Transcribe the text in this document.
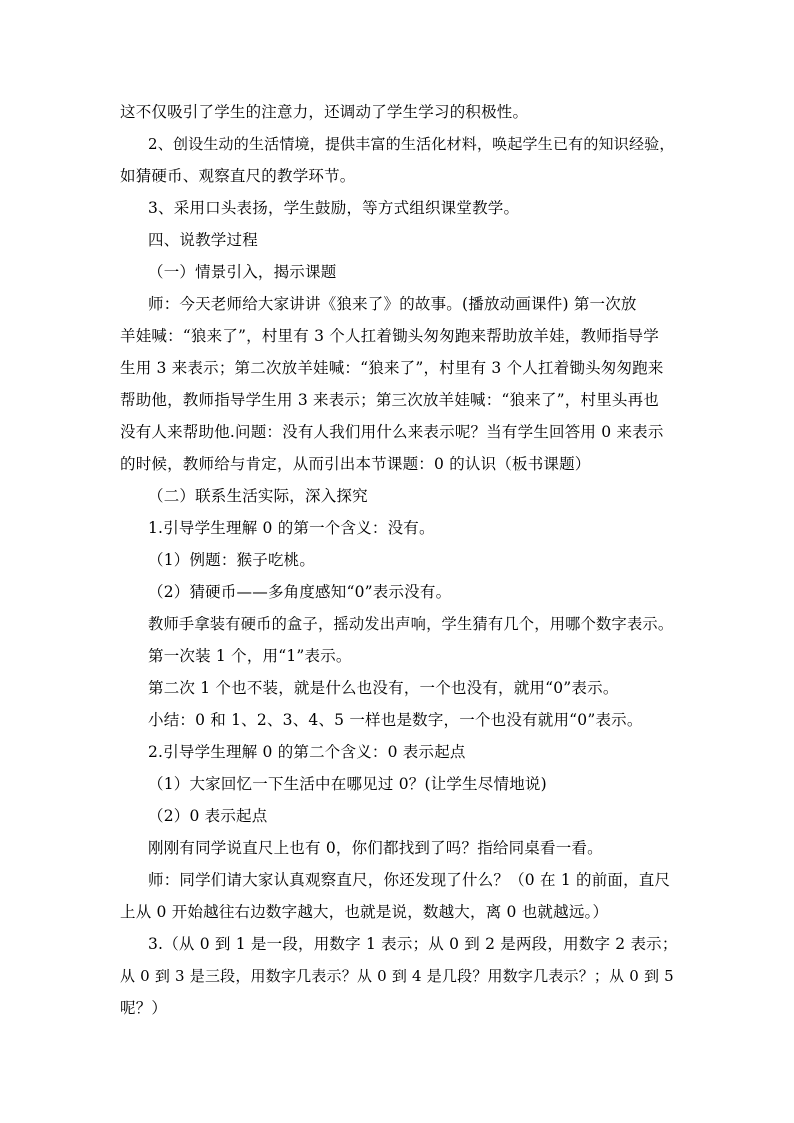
这不仅吸引了学生的注意力，还调动了学生学习的积极性。
2、创设生动的生活情境，提供丰富的生活化材料，唤起学生已有的知识经验，
如猜硬币、观察直尺的教学环节。
3、采用口头表扬，学生鼓励，等方式组织课堂教学。
四、说教学过程
（一）情景引入，揭示课题
师：今天老师给大家讲讲《狼来了》的故事。(播放动画课件) 第一次放
羊娃喊：“狼来了”，村里有 3 个人扛着锄头匆匆跑来帮助放羊娃，教师指导学
生用 3 来表示；第二次放羊娃喊：“狼来了”，村里有 3 个人扛着锄头匆匆跑来
帮助他，教师指导学生用 3 来表示；第三次放羊娃喊：“狼来了”，村里头再也
没有人来帮助他.问题：没有人我们用什么来表示呢？当有学生回答用 0 来表示
的时候，教师给与肯定，从而引出本节课题：0 的认识（板书课题）
（二）联系生活实际，深入探究
1.引导学生理解 0 的第一个含义：没有。
（1）例题：猴子吃桃。
（2）猜硬币——多角度感知“0”表示没有。
教师手拿装有硬币的盒子，摇动发出声响，学生猜有几个，用哪个数字表示。
第一次装 1 个，用“1”表示。
第二次 1 个也不装，就是什么也没有，一个也没有，就用“0”表示。
小结：0 和 1、2、3、4、5 一样也是数字，一个也没有就用“0”表示。
2.引导学生理解 0 的第二个含义：0 表示起点
（1）大家回忆一下生活中在哪见过 0？(让学生尽情地说)
（2）0 表示起点
刚刚有同学说直尺上也有 0，你们都找到了吗？指给同桌看一看。
师：同学们请大家认真观察直尺，你还发现了什么？（0 在 1 的前面，直尺
上从 0 开始越往右边数字越大，也就是说，数越大，离 0 也就越远。）
3.（从 0 到 1 是一段，用数字 1 表示；从 0 到 2 是两段，用数字 2 表示；
从 0 到 3 是三段，用数字几表示？从 0 到 4 是几段？用数字几表示？；从 0 到 5
呢？）
